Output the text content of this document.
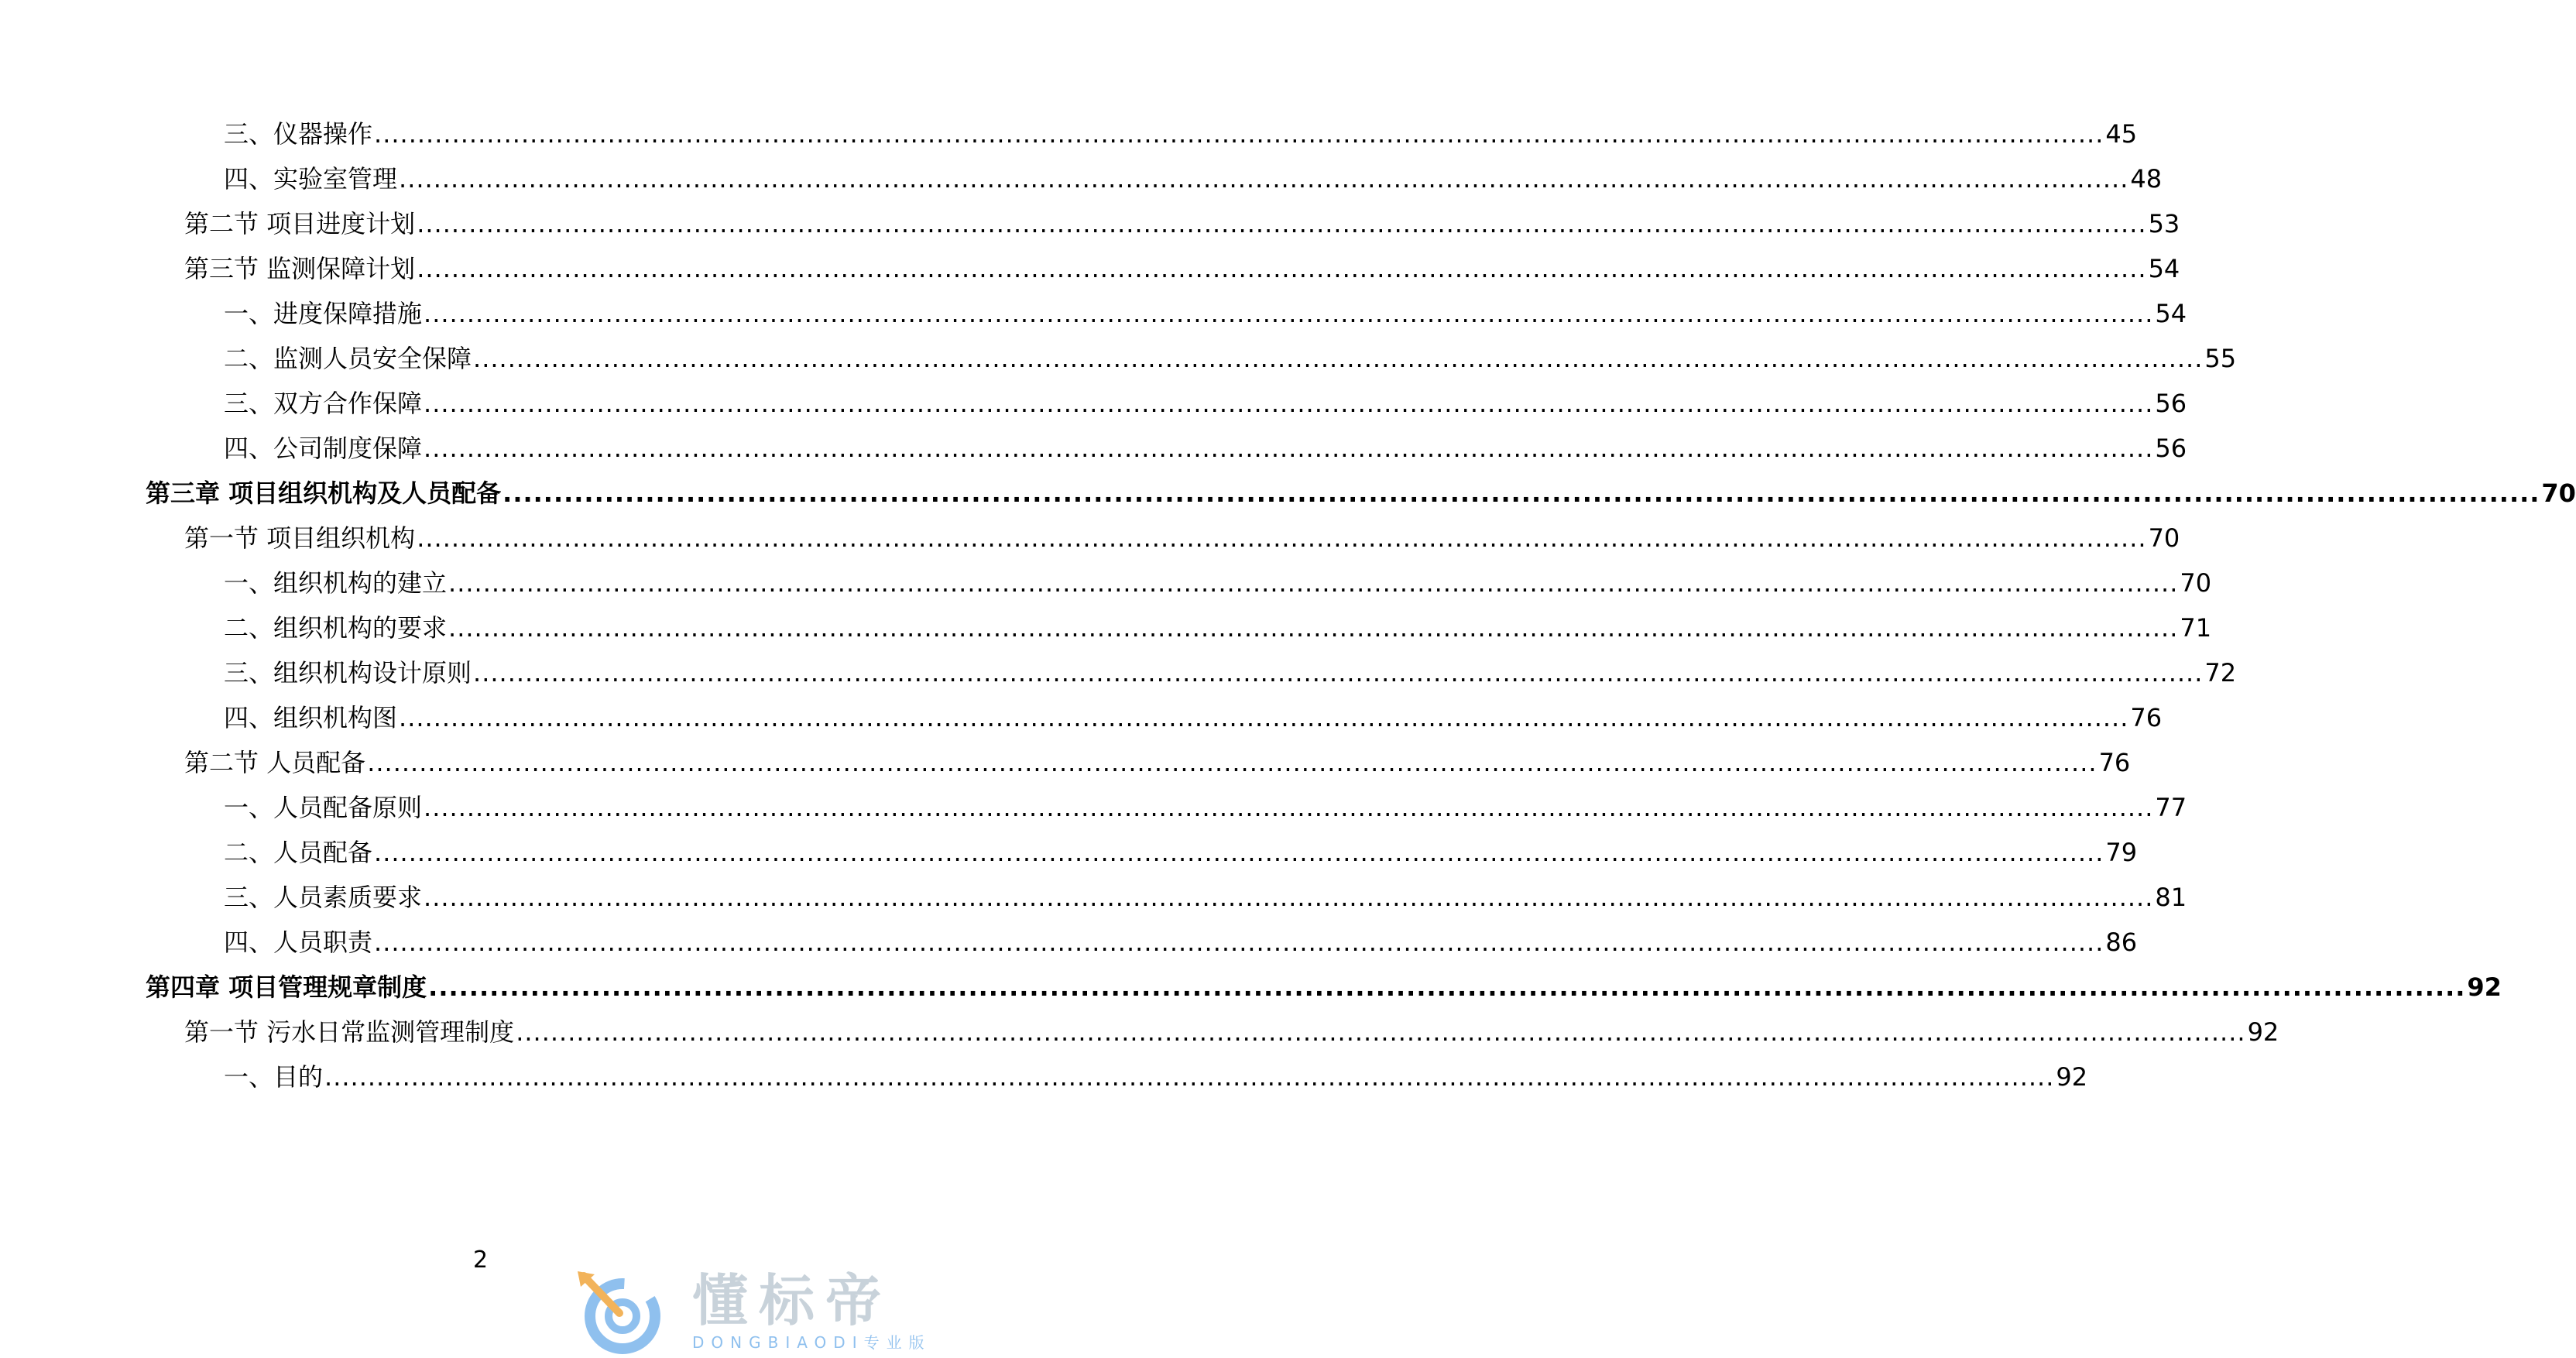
三、仪器操作 ........................................................................................................................................................................................................ 45
四、实验室管理 ........................................................................................................................................................................................................ 48
第二节 项目进度计划 ........................................................................................................................................................................................................ 53
第三节 监测保障计划 ........................................................................................................................................................................................................ 54
一、进度保障措施 ........................................................................................................................................................................................................ 54
二、监测人员安全保障 ........................................................................................................................................................................................................ 55
三、双方合作保障 ........................................................................................................................................................................................................ 56
四、公司制度保障 ........................................................................................................................................................................................................ 56
第三章 项目组织机构及人员配备 ........................................................................................................................................................................................................ 70
第一节 项目组织机构 ........................................................................................................................................................................................................ 70
一、组织机构的建立 ........................................................................................................................................................................................................ 70
二、组织机构的要求 ........................................................................................................................................................................................................ 71
三、组织机构设计原则 ........................................................................................................................................................................................................ 72
四、组织机构图 ........................................................................................................................................................................................................ 76
第二节 人员配备 ........................................................................................................................................................................................................ 76
一、人员配备原则 ........................................................................................................................................................................................................ 77
二、人员配备 ........................................................................................................................................................................................................ 79
三、人员素质要求 ........................................................................................................................................................................................................ 81
四、人员职责 ........................................................................................................................................................................................................ 86
第四章 项目管理规章制度 ........................................................................................................................................................................................................ 92
第一节 污水日常监测管理制度 ........................................................................................................................................................................................................ 92
一、目的 ........................................................................................................................................................................................................ 92
2
懂标帝
DONGBIAODI专业版
